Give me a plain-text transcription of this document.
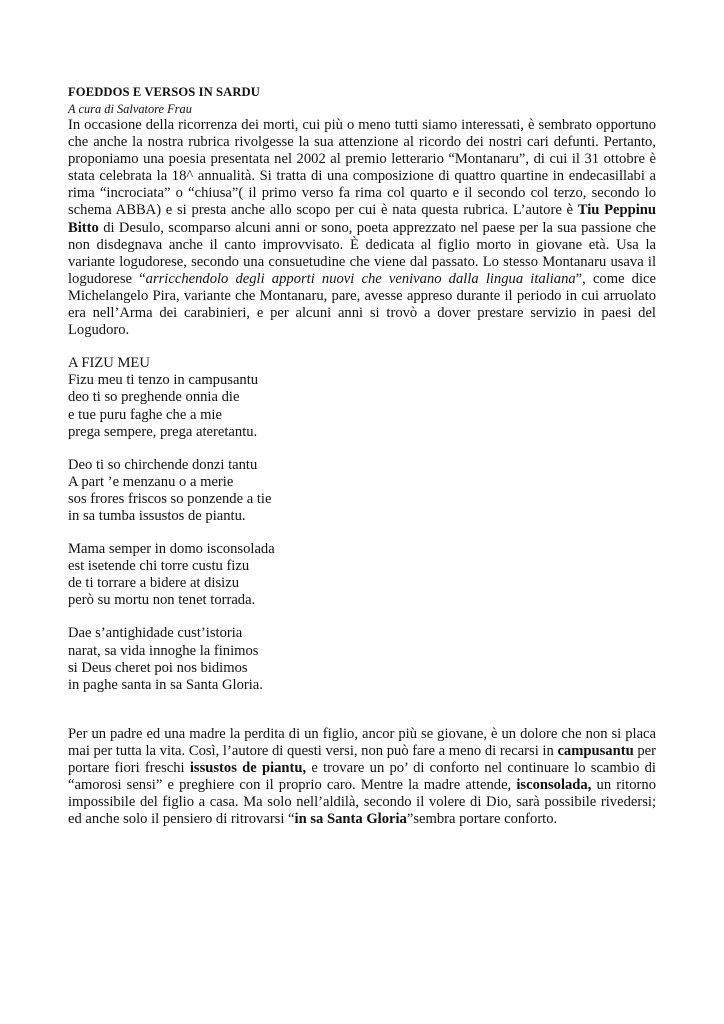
FOEDDOS E VERSOS IN SARDU

A cura di Salvatore Frau

In occasione della ricorrenza dei morti, cui più o meno tutti siamo interessati, è sembrato opportuno che anche la nostra rubrica rivolgesse la sua attenzione al ricordo dei nostri cari defunti. Pertanto, proponiamo una poesia presentata nel 2002 al premio letterario “Montanaru”, di cui il 31 ottobre è stata celebrata la 18^ annualità. Si tratta di una composizione di quattro quartine in endecasillabi a rima “incrociata” o “chiusa”( il primo verso fa rima col quarto e il secondo col terzo, secondo lo schema ABBA) e si presta anche allo scopo per cui è nata questa rubrica. L’autore è Tiu Peppinu Bitto di Desulo, scomparso alcuni anni or sono, poeta apprezzato nel paese per la sua passione che non disdegnava anche il canto improvvisato. È dedicata al figlio morto in giovane età. Usa la variante logudorese, secondo una consuetudine che viene dal passato. Lo stesso Montanaru usava il logudorese “arricchendolo degli apporti nuovi che venivano dalla lingua italiana”, come dice Michelangelo Pira, variante che Montanaru, pare, avesse appreso durante il periodo in cui arruolato era nell’Arma dei carabinieri, e per alcuni anni si trovò a dover prestare servizio in paesi del Logudoro.

A FIZU MEU

Fizu meu ti tenzo in campusantu
deo ti so preghende onnia die
e tue puru faghe che a mie
prega sempere, prega ateretantu.
Deo ti so chirchende donzi tantu
A part ’e menzanu o a merie
sos frores friscos so ponzende a tie
in sa tumba issustos de piantu.
Mama semper in domo isconsolada
est isetende chi torre custu fizu
de ti torrare a bidere at disizu
però su mortu non tenet torrada.
Dae s’antighidade cust’istoria
narat, sa vida innoghe la finimos
si Deus cheret poi nos bidimos
in paghe santa in sa Santa Gloria.

Per un padre ed una madre la perdita di un figlio, ancor più se giovane, è un dolore che non si placa mai per tutta la vita. Così, l’autore di questi versi, non può fare a meno di recarsi in campusantu per portare fiori freschi issustos de piantu, e trovare un po’ di conforto nel continuare lo scambio di “amorosi sensi” e preghiere con il proprio caro. Mentre la madre attende, isconsolada, un ritorno impossibile del figlio a casa. Ma solo nell’aldilà, secondo il volere di Dio, sarà possibile rivedersi; ed anche solo il pensiero di ritrovarsi “in sa Santa Gloria”sembra portare conforto.
